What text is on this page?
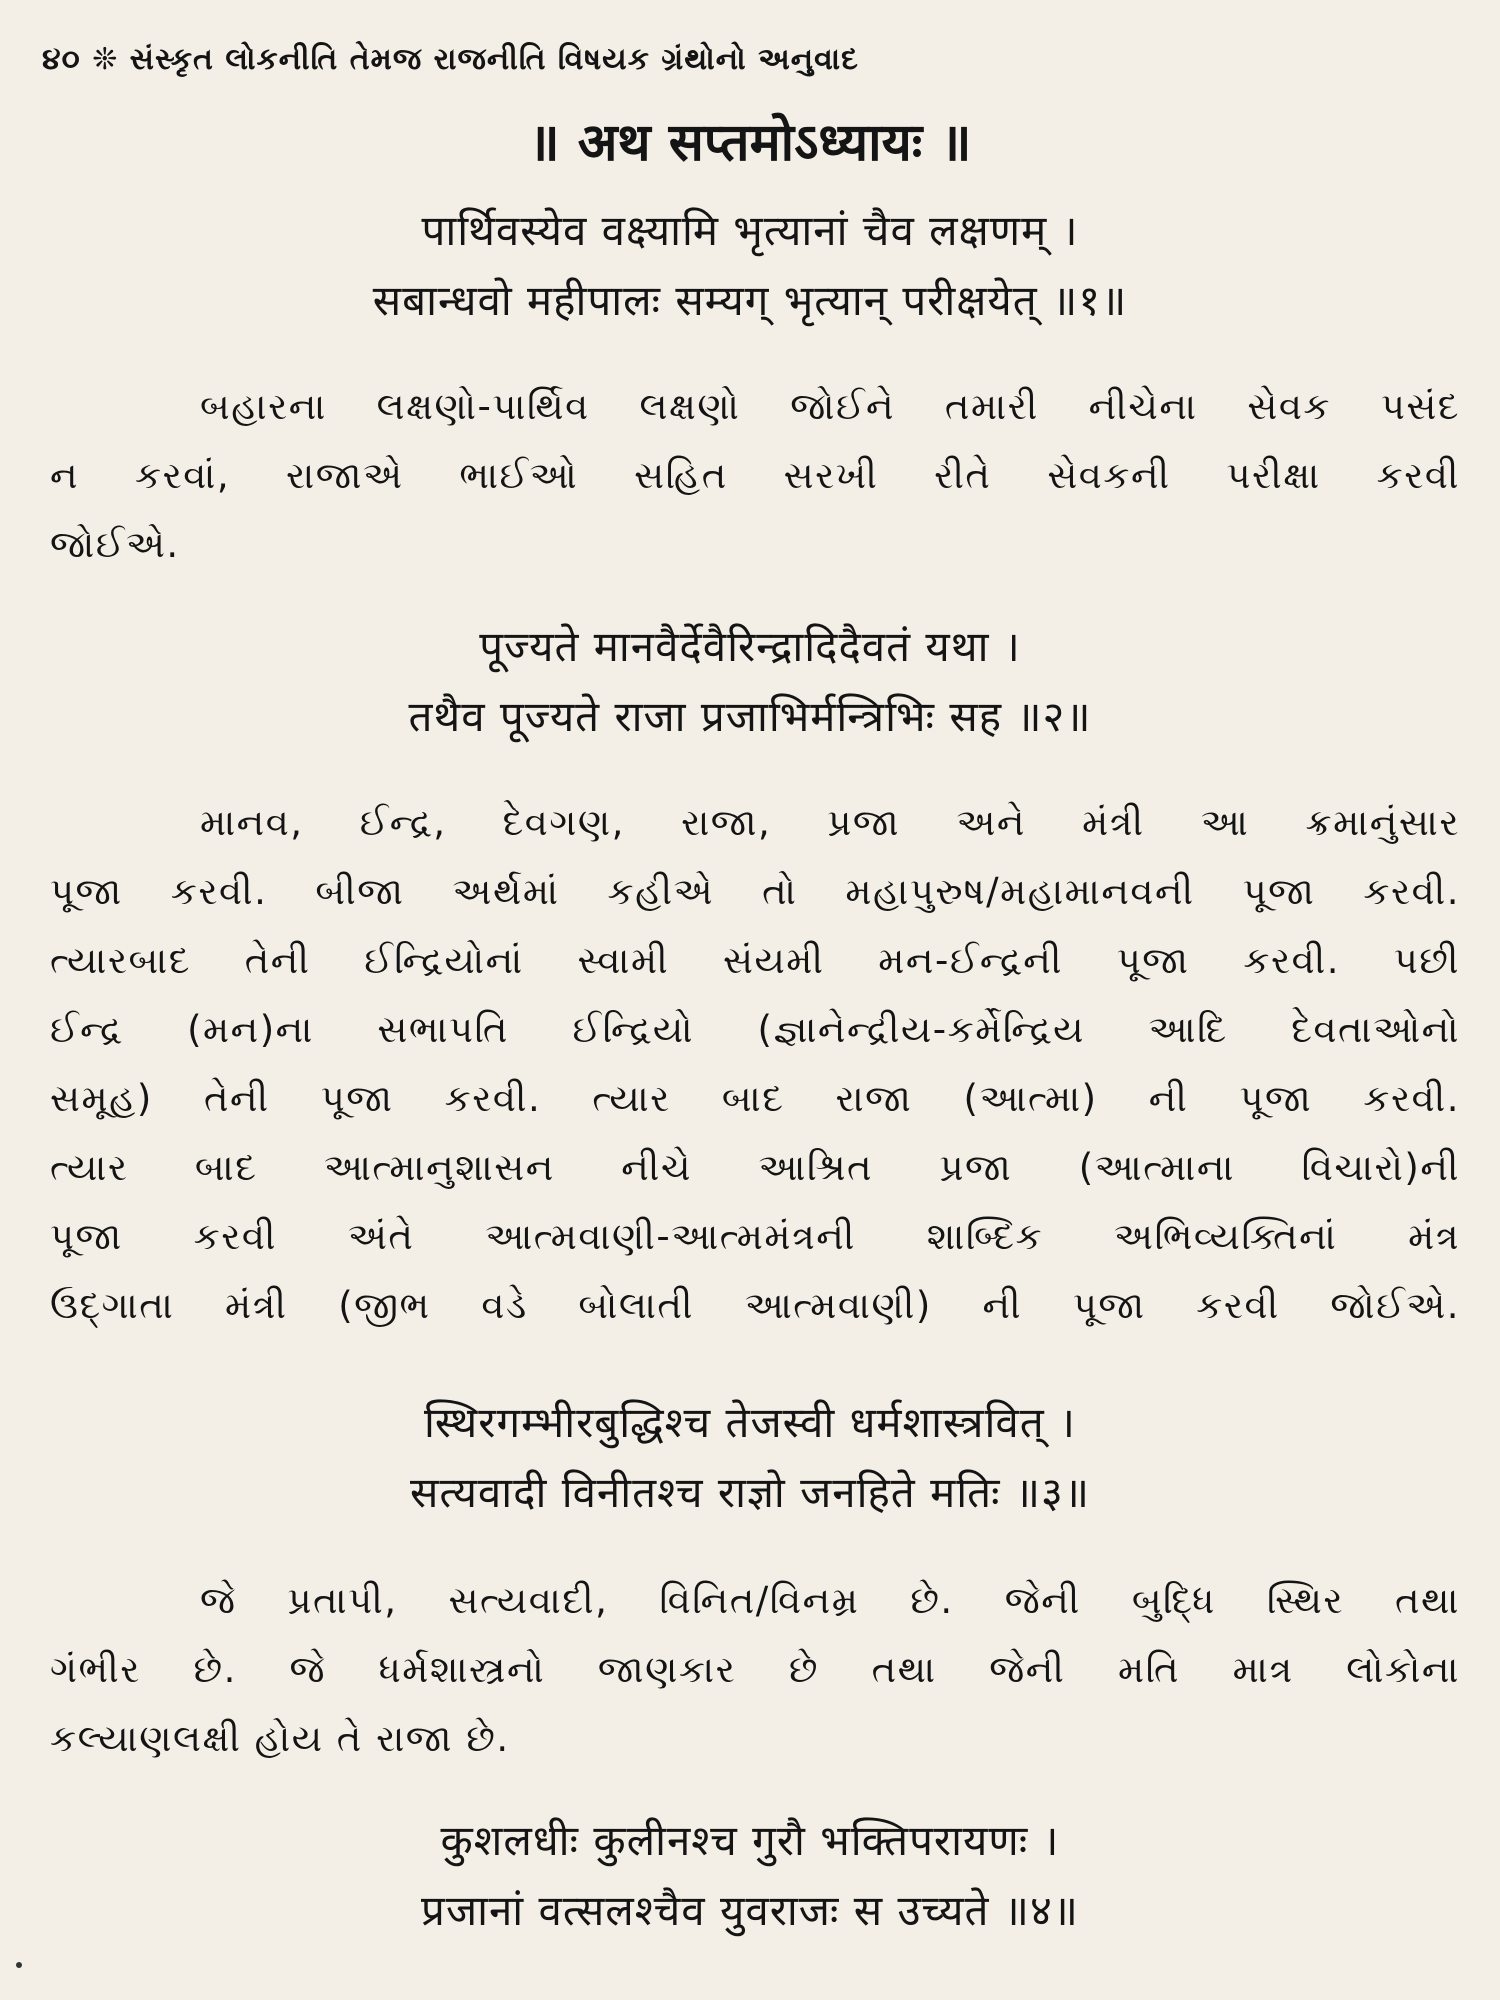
૪૦ ❊ સંસ્કૃત લોકનીતિ તેમજ રાજનીતિ વિષયક ગ્રંથોનો અનુવાદ
॥ अथ सप्तमोऽध्यायः ॥
पार्थिवस्येव वक्ष्यामि भृत्यानां चैव लक्षणम् ।
सबान्धवो महीपालः सम्यग् भृत्यान् परीक्षयेत् ॥१॥
બહારના લક્ષણો-પાર્થિવ લક્ષણો જોઈને તમારી નીચેના સેવક પસંદ
ન કરવાં, રાજાએ ભાઈઓ સહિત સરખી રીતે સેવકની પરીક્ષા કરવી
જોઈએ.
पूज्यते मानवैर्देवैरिन्द्रादिदैवतं यथा ।
तथैव पूज्यते राजा प्रजाभिर्मन्त्रिभिः सह ॥२॥
માનવ, ઈન્દ્ર, દેવગણ, રાજા, પ્રજા અને મંત્રી આ ક્રમાનુંસાર
પૂજા કરવી. બીજા અર્થમાં કહીએ તો મહાપુરુષ/મહામાનવની પૂજા કરવી.
ત્યારબાદ તેની ઈન્દ્રિયોનાં સ્વામી સંયમી મન-ઈન્દ્રની પૂજા કરવી. પછી
ઈન્દ્ર (મન)ના સભાપતિ ઈન્દ્રિયો (જ્ઞાનેન્દ્રીય-કર્મેન્દ્રિય આદિ દેવતાઓનો
સમૂહ) તેની પૂજા કરવી. ત્યાર બાદ રાજા (આત્મા) ની પૂજા કરવી.
ત્યાર બાદ આત્માનુશાસન નીચે આશ્રિત પ્રજા (આત્માના વિચારો)ની
પૂજા કરવી અંતે આત્મવાણી-આત્મમંત્રની શાબ્દિક અભિવ્યક્તિનાં મંત્ર
ઉદ્‌ગાતા મંત્રી (જીભ વડે બોલાતી આત્મવાણી) ની પૂજા કરવી જોઈએ.
स्थिरगम्भीरबुद्धिश्च तेजस्वी धर्मशास्त्रवित् ।
सत्यवादी विनीतश्च राज्ञो जनहिते मतिः ॥३॥
જે પ્રતાપી, સત્યવાદી, વિનિત/વિનમ્ર છે. જેની બુદ્ધિ સ્થિર તથા
ગંભીર છે. જે ધર્મશાસ્ત્રનો જાણકાર છે તથા જેની મતિ માત્ર લોકોના
કલ્યાણલક્ષી હોય તે રાજા છે.
कुशलधीः कुलीनश्च गुरौ भक्तिपरायणः ।
प्रजानां वत्सलश्चैव युवराजः स उच्यते ॥४॥
